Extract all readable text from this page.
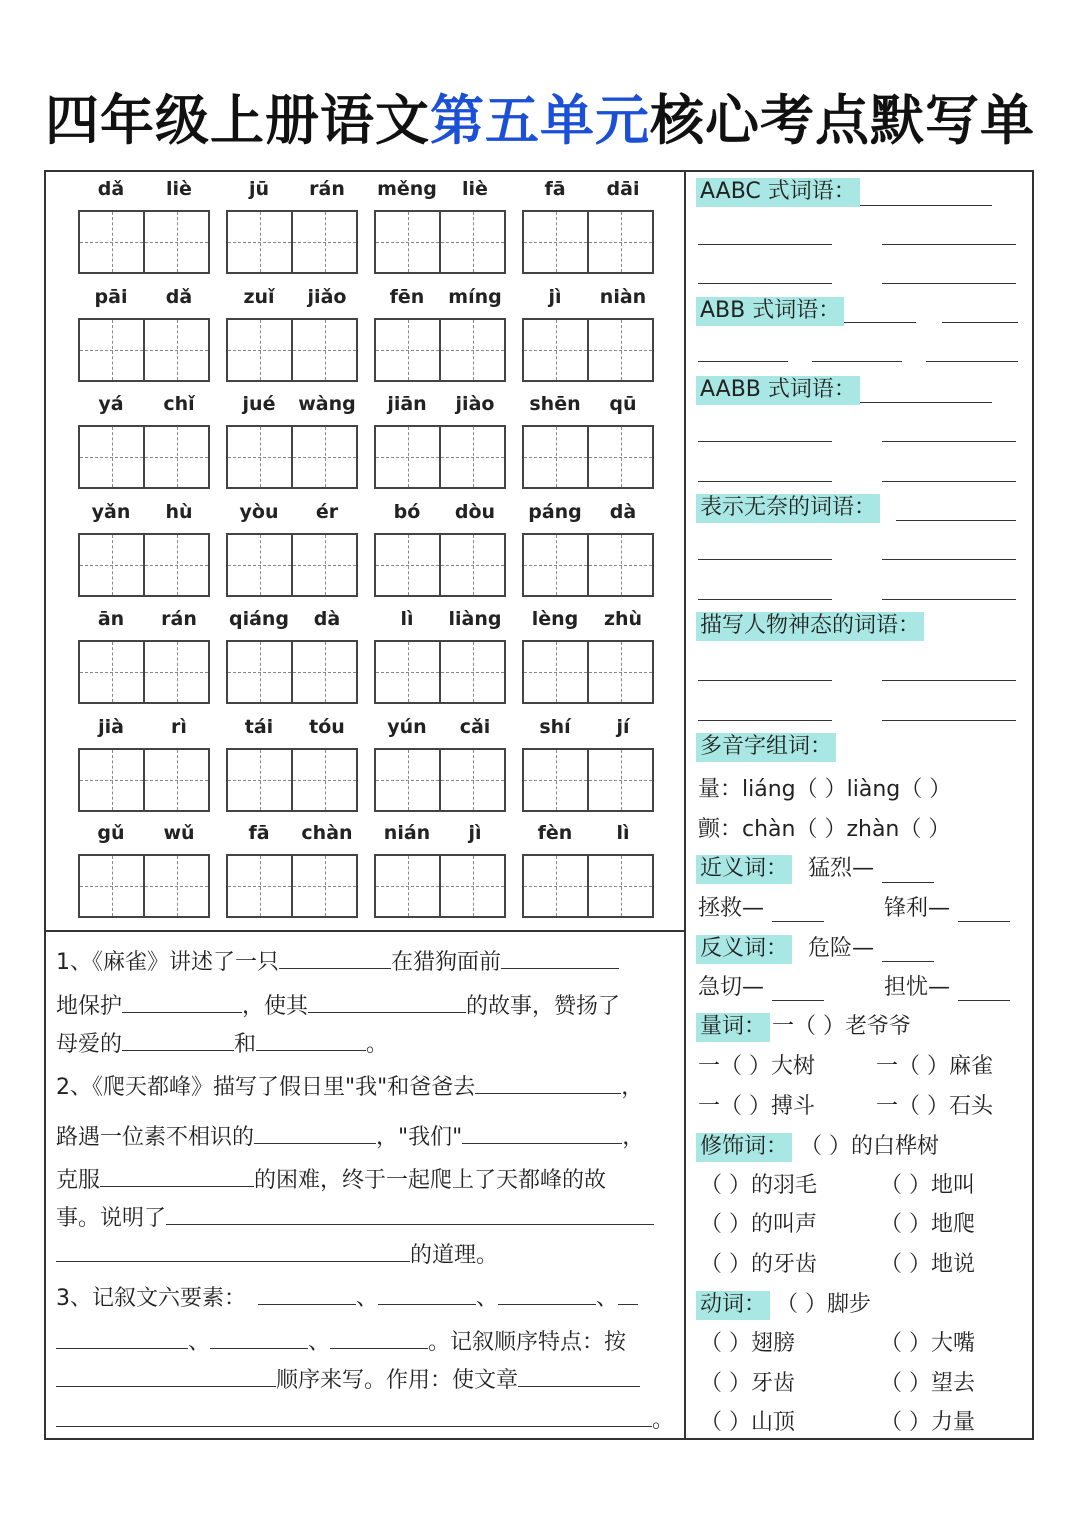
四年级上册语文第五单元核心考点默写单
dǎ	liè	jū	rán	měng	liè	fā	dāi
pāi	dǎ	zuǐ	jiǎo	fēn	míng	jì	niàn
yá	chǐ	jué	wàng	jiān	jiào	shēn	qū
yǎn	hù	yòu	ér	bó	dòu	páng	dà
ān	rán	qiáng	dà	lì	liàng	lèng	zhù
jià	rì	tái	tóu	yún	cǎi	shí	jí
gǔ	wǔ	fā	chàn	nián	jì	fèn	lì
1、《麻雀》讲述了一只	在猎狗面前
地保护	，使其	的故事，赞扬了
母爱的	和	。
2、《爬天都峰》描写了假日里"我"和爸爸去	，
路遇一位素不相识的	，"我们"	，
克服	的困难，终于一起爬上了天都峰的故
事。说明了
的道理。
3、记叙文六要素：	、	、	、
、	、	。记叙顺序特点：按
顺序来写。作用：使文章
。
AABC 式词语：
ABB 式词语：
AABB 式词语：
表示无奈的词语：
描写人物神态的词语：
多音字组词：
量：liáng（ ）liàng（ ）
颤：chàn（ ）zhàn（ ）
近义词： 猛烈—
拯救—	锋利—
反义词： 危险—
急切—	担忧—
量词： 一（ ）老爷爷
一（ ）大树	一（ ）麻雀
一（ ）搏斗	一（ ）石头
修饰词： （ ）的白桦树
（ ）的羽毛	（ ）地叫
（ ）的叫声	（ ）地爬
（ ）的牙齿	（ ）地说
动词： （ ）脚步
（ ）翅膀	（ ）大嘴
（ ）牙齿	（ ）望去
（ ）山顶	（ ）力量
